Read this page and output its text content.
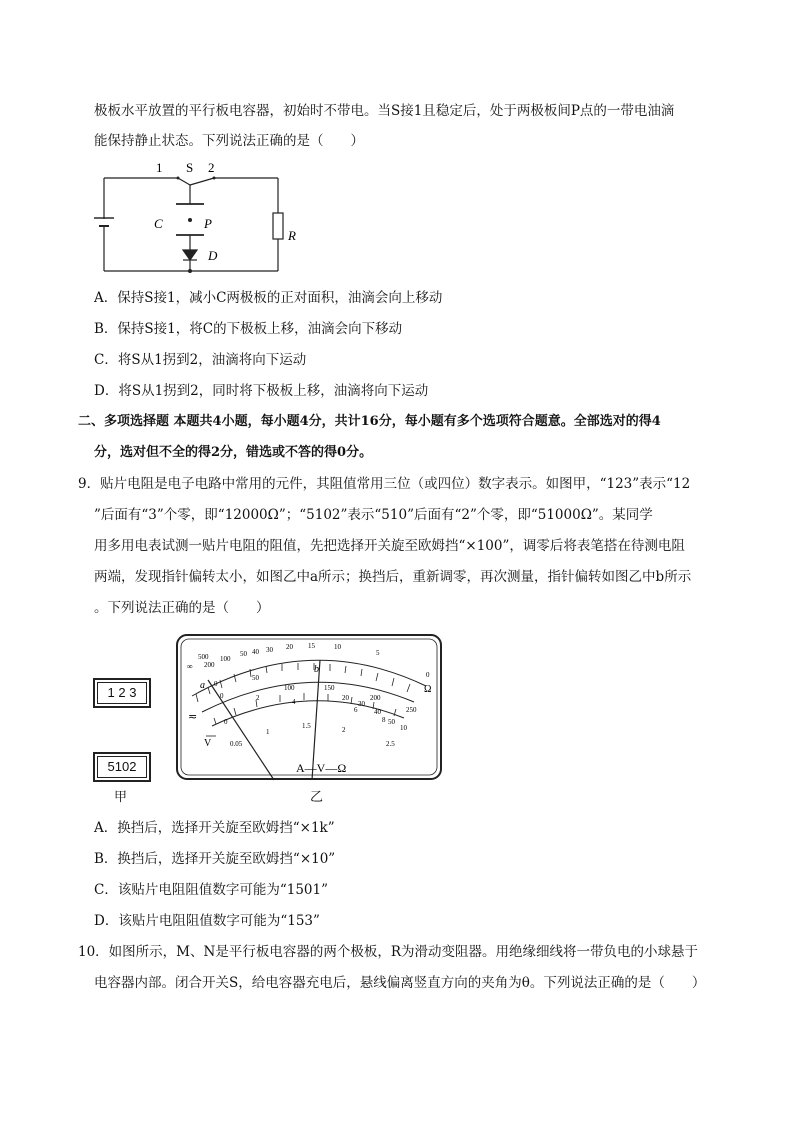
极板水平放置的平行板电容器，初始时不带电。当S接1且稳定后，处于两极板间P点的一带电油滴
能保持静止状态。下列说法正确的是（　　）
1 S 2
C	P
D
R
A．保持S接1，减小C两极板的正对面积，油滴会向上移动
B．保持S接1，将C的下极板上移，油滴会向下移动
C．将S从1拐到2，油滴将向下运动
D．将S从1拐到2，同时将下极板上移，油滴将向下运动
二、多项选择题 本题共4小题，每小题4分，共计16分，每小题有多个选项符合题意。全部选对的得4
分，选对但不全的得2分，错选或不答的得0分。
9．贴片电阻是电子电路中常用的元件，其阻值常用三位（或四位）数字表示。如图甲，“123”表示“12
”后面有“3”个零，即“12000Ω”；“5102”表示“510”后面有“2”个零，即“51000Ω”。某同学
用多用电表试测一贴片电阻的阻值，先把选择开关旋至欧姆挡“×100”，调零后将表笔搭在待测电阻
两端，发现指针偏转太小，如图乙中a所示；换挡后，重新调零，再次测量，指针偏转如图乙中b所示
。下列说法正确的是（　　）
1 2 3
5102
甲
∞
500
200
100
50 40 30 20 15	10
5
0
Ω
0
50
100	150
200
250
0	2	4
6
8
10
20
30
40
50
0
0.05
1
1.5	2
2.5
≂
V
a
b
A—V—Ω
乙
A．换挡后，选择开关旋至欧姆挡“×1k”
B．换挡后，选择开关旋至欧姆挡“×10”
C．该贴片电阻阻值数字可能为“1501”
D．该贴片电阻阻值数字可能为“153”
10．如图所示，M、N是平行板电容器的两个极板，R为滑动变阻器。用绝缘细线将一带负电的小球悬于
电容器内部。闭合开关S，给电容器充电后，悬线偏离竖直方向的夹角为θ。下列说法正确的是（　　）
